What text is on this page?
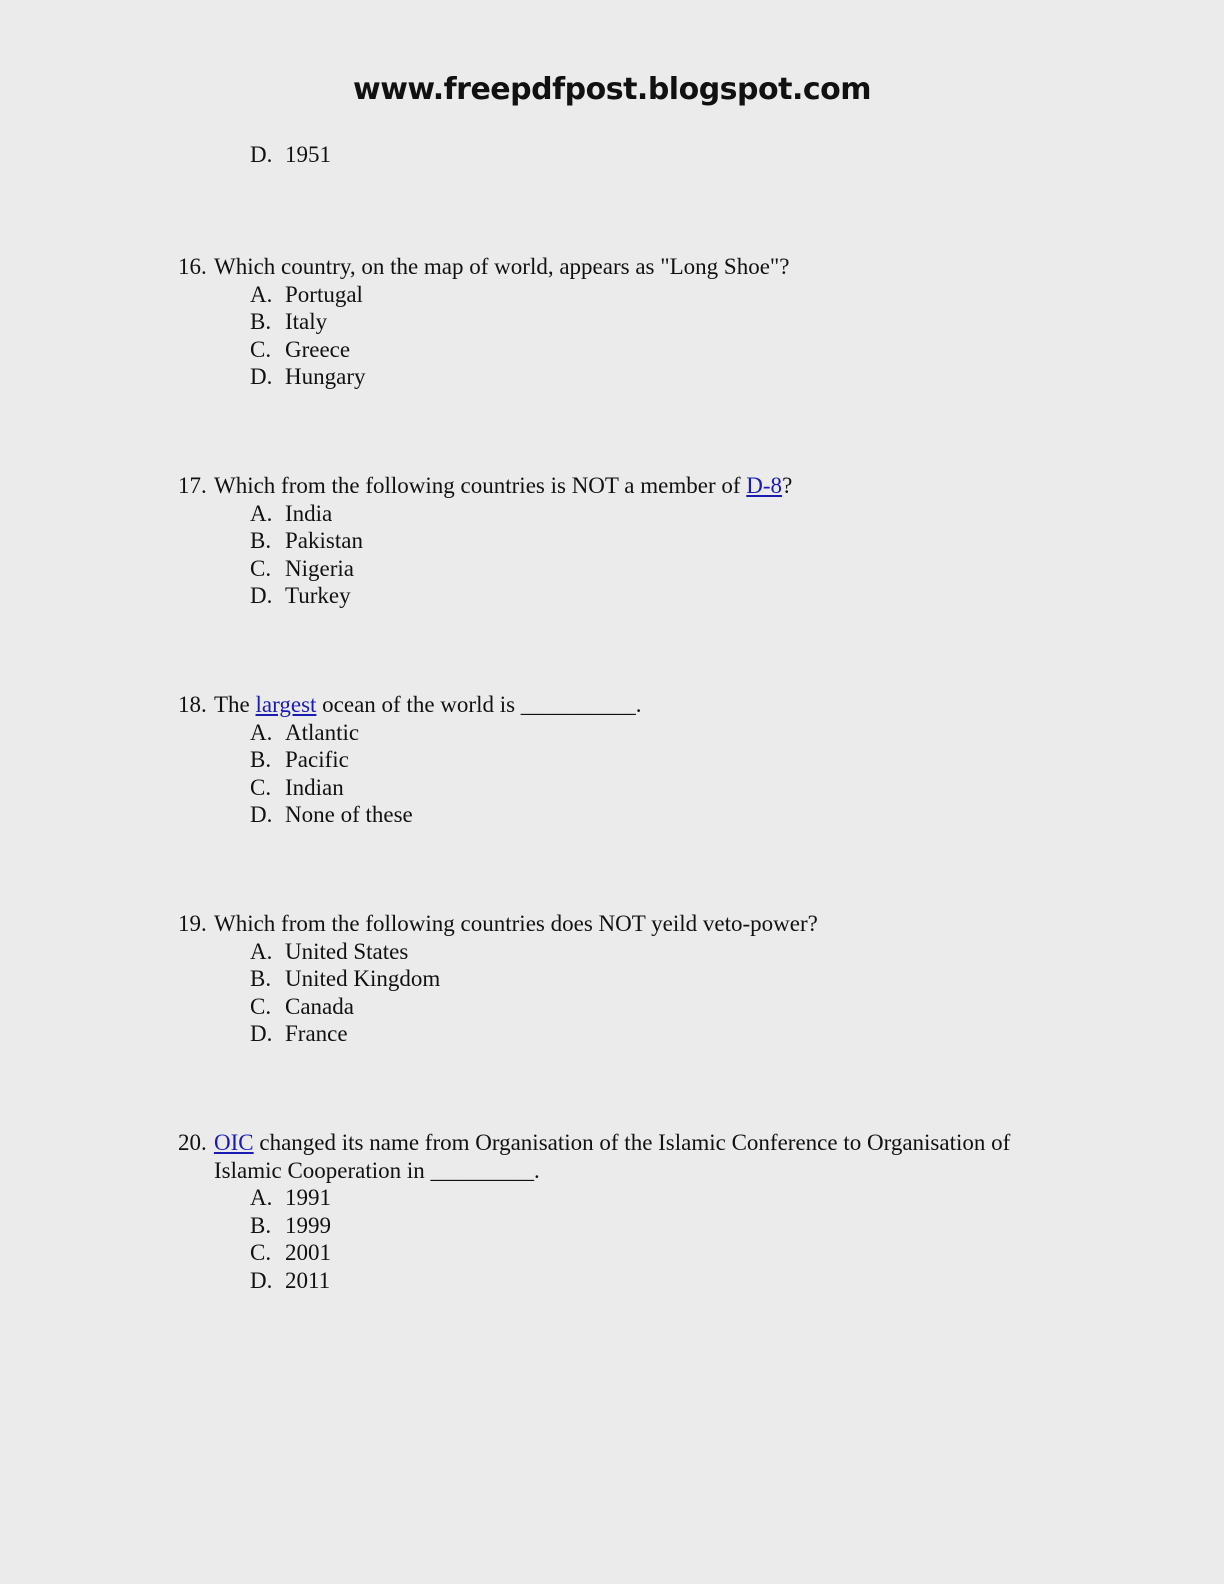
www.freepdfpost.blogspot.com
D. 1951
16. Which country, on the map of world, appears as "Long Shoe"?
A. Portugal
B. Italy
C. Greece
D. Hungary
17. Which from the following countries is NOT a member of D-8?
A. India
B. Pakistan
C. Nigeria
D. Turkey
18. The largest ocean of the world is __________.
A. Atlantic
B. Pacific
C. Indian
D. None of these
19. Which from the following countries does NOT yeild veto-power?
A. United States
B. United Kingdom
C. Canada
D. France
20. OIC changed its name from Organisation of the Islamic Conference to Organisation of Islamic Cooperation in _________.
A. 1991
B. 1999
C. 2001
D. 2011
